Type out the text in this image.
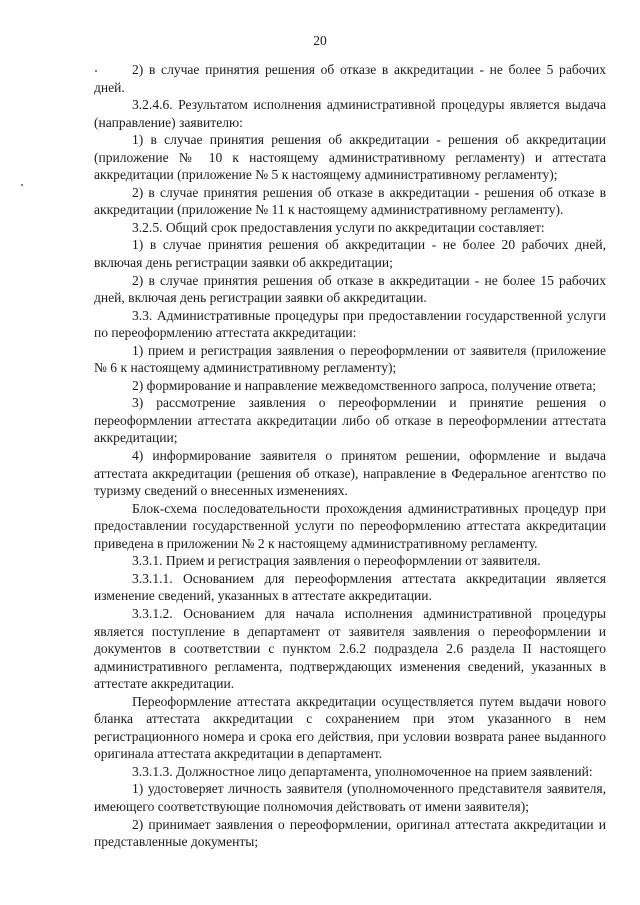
20

2) в случае принятия решения об отказе в аккредитации - не более 5 рабочих дней.

3.2.4.6. Результатом исполнения административной процедуры является выдача (направление) заявителю:

1) в случае принятия решения об аккредитации - решения об аккредитации (приложение № 10 к настоящему административному регламенту) и аттестата аккредитации (приложение № 5 к настоящему административному регламенту);

2) в случае принятия решения об отказе в аккредитации - решения об отказе в аккредитации (приложение № 11 к настоящему административному регламенту).

3.2.5. Общий срок предоставления услуги по аккредитации составляет:

1) в случае принятия решения об аккредитации - не более 20 рабочих дней, включая день регистрации заявки об аккредитации;

2) в случае принятия решения об отказе в аккредитации - не более 15 рабочих дней, включая день регистрации заявки об аккредитации.

3.3. Административные процедуры при предоставлении государственной услуги по переоформлению аттестата аккредитации:

1) прием и регистрация заявления о переоформлении от заявителя (приложение № 6 к настоящему административному регламенту);

2) формирование и направление межведомственного запроса, получение ответа;

3) рассмотрение заявления о переоформлении и принятие решения о переоформлении аттестата аккредитации либо об отказе в переоформлении аттестата аккредитации;

4) информирование заявителя о принятом решении, оформление и выдача аттестата аккредитации (решения об отказе), направление в Федеральное агентство по туризму сведений о внесенных изменениях.

Блок-схема последовательности прохождения административных процедур при предоставлении государственной услуги по переоформлению аттестата аккредитации приведена в приложении № 2 к настоящему административному регламенту.

3.3.1. Прием и регистрация заявления о переоформлении от заявителя.

3.3.1.1. Основанием для переоформления аттестата аккредитации является изменение сведений, указанных в аттестате аккредитации.

3.3.1.2. Основанием для начала исполнения административной процедуры является поступление в департамент от заявителя заявления о переоформлении и документов в соответствии с пунктом 2.6.2 подраздела 2.6 раздела II настоящего административного регламента, подтверждающих изменения сведений, указанных в аттестате аккредитации.

Переоформление аттестата аккредитации осуществляется путем выдачи нового бланка аттестата аккредитации с сохранением при этом указанного в нем регистрационного номера и срока его действия, при условии возврата ранее выданного оригинала аттестата аккредитации в департамент.

3.3.1.3. Должностное лицо департамента, уполномоченное на прием заявлений:

1) удостоверяет личность заявителя (уполномоченного представителя заявителя, имеющего соответствующие полномочия действовать от имени заявителя);

2) принимает заявления о переоформлении, оригинал аттестата аккредитации и представленные документы;
